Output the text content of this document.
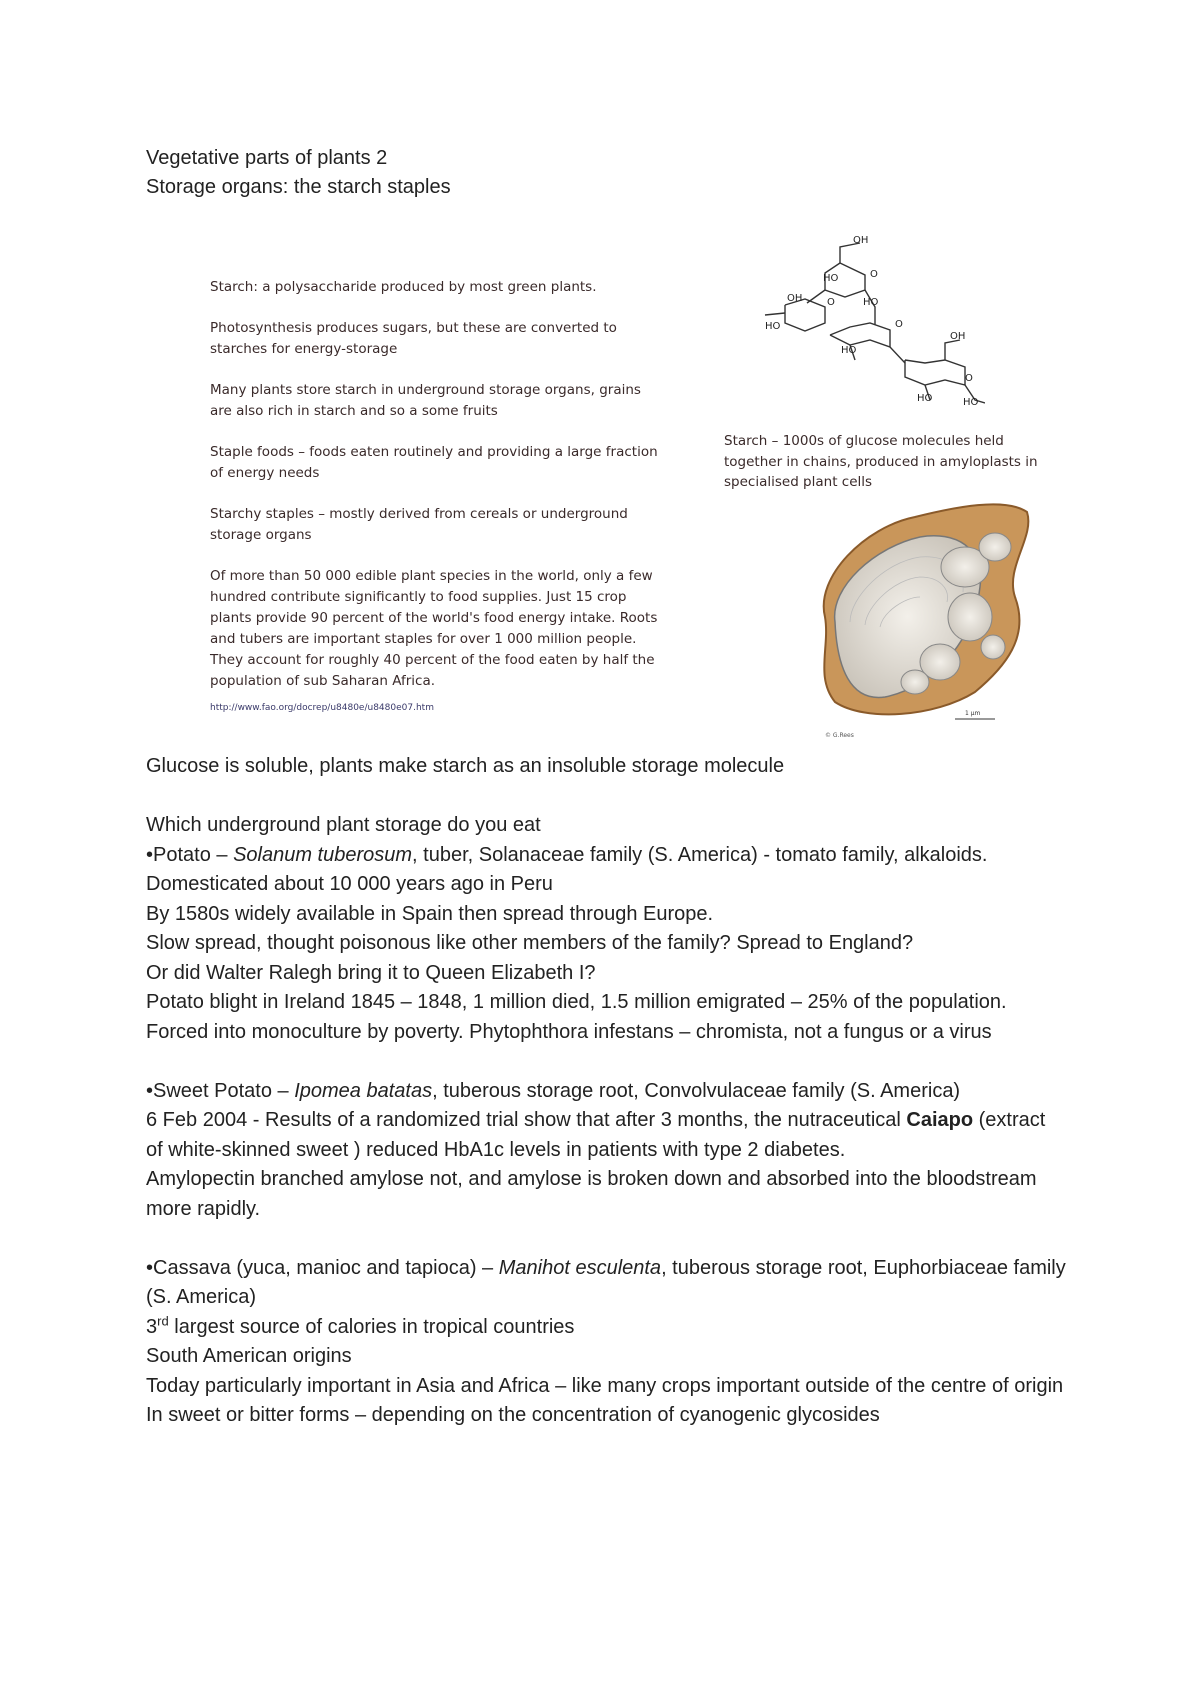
Vegetative parts of plants 2

Storage organs: the starch staples

Starch: a polysaccharide produced by most green plants.

Photosynthesis produces sugars, but these are converted to starches for energy-storage

Many plants store starch in underground storage organs, grains are also rich in starch and so a some fruits

Staple foods – foods eaten routinely and providing a large fraction of energy needs

Starchy staples – mostly derived from cereals or underground storage organs

Of more than 50 000 edible plant species in the world, only a few hundred contribute significantly to food supplies. Just 15 crop plants provide 90 percent of the world's food energy intake. Roots and tubers are important staples for over 1 000 million people. They account for roughly 40 percent of the food eaten by half the population of sub Saharan Africa.

http://www.fao.org/docrep/u8480e/u8480e07.htm

OH
HO	O
OH
HO
O	HO
HO
O
OH
HO
O
HO
Starch – 1000s of glucose molecules held together in chains, produced in amyloplasts in specialised plant cells
1 µm
© G.Rees

Glucose is soluble, plants make starch as an insoluble storage molecule

Which underground plant storage do you eat

•Potato – Solanum tuberosum, tuber, Solanaceae family (S. America) - tomato family, alkaloids.

Domesticated about 10 000 years ago in Peru

By 1580s widely available in Spain then spread through Europe.

Slow spread, thought poisonous like other members of the family? Spread to England?

Or did Walter Ralegh bring it to Queen Elizabeth I?

Potato blight in Ireland 1845 – 1848, 1 million died, 1.5 million emigrated – 25% of the population. Forced into monoculture by poverty. Phytophthora infestans – chromista, not a fungus or a virus

•Sweet Potato – Ipomea batatas, tuberous storage root, Convolvulaceae family (S. America)

6 Feb 2004 - Results of a randomized trial show that after 3 months, the nutraceutical Caiapo (extract of white-skinned sweet ) reduced HbA1c levels in patients with type 2 diabetes.

Amylopectin branched amylose not, and amylose is broken down and absorbed into the bloodstream more rapidly.

•Cassava (yuca, manioc and tapioca) – Manihot esculenta, tuberous storage root, Euphorbiaceae family (S. America)

3rd largest source of calories in tropical countries

South American origins

Today particularly important in Asia and Africa – like many crops important outside of the centre of origin

In sweet or bitter forms – depending on the concentration of cyanogenic glycosides
